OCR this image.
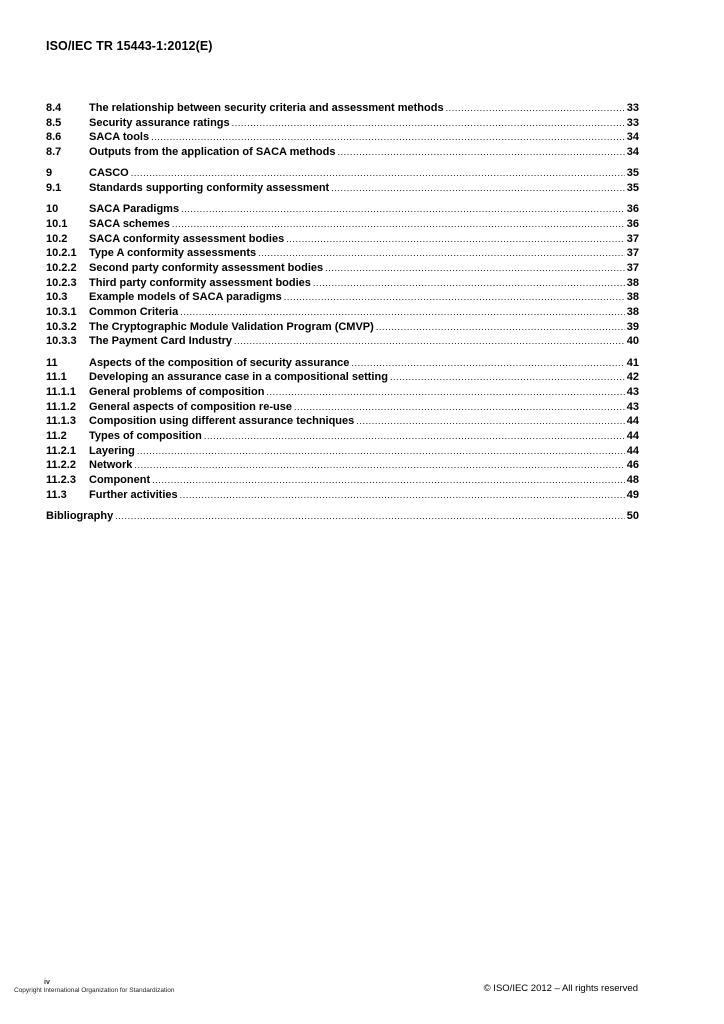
ISO/IEC TR 15443-1:2012(E)
8.4	The relationship between security criteria and assessment methods .....	33
8.5	Security assurance ratings .....	33
8.6	SACA tools .....	34
8.7	Outputs from the application of SACA methods .....	34
9	CASCO .....	35
9.1	Standards supporting conformity assessment .....	35
10	SACA Paradigms .....	36
10.1	SACA schemes .....	36
10.2	SACA conformity assessment bodies .....	37
10.2.1	Type A conformity assessments .....	37
10.2.2	Second party conformity assessment bodies .....	37
10.2.3	Third party conformity assessment bodies .....	38
10.3	Example models of SACA paradigms .....	38
10.3.1	Common Criteria .....	38
10.3.2	The Cryptographic Module Validation Program (CMVP) .....	39
10.3.3	The Payment Card Industry .....	40
11	Aspects of the composition of security assurance .....	41
11.1	Developing an assurance case in a compositional setting .....	42
11.1.1	General problems of composition .....	43
11.1.2	General aspects of composition re-use .....	43
11.1.3	Composition using different assurance techniques .....	44
11.2	Types of composition .....	44
11.2.1	Layering .....	44
11.2.2	Network .....	46
11.2.3	Component .....	48
11.3	Further activities .....	49
Bibliography .....	50
iv
Copyright International Organization for Standardization	© ISO/IEC 2012 – All rights reserved
